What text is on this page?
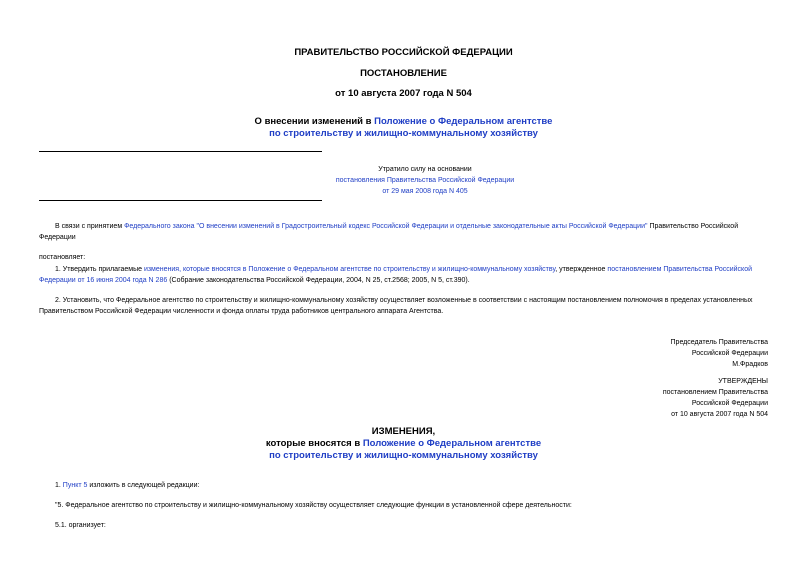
ПРАВИТЕЛЬСТВО РОССИЙСКОЙ ФЕДЕРАЦИИ
ПОСТАНОВЛЕНИЕ
от 10 августа 2007 года N 504
О внесении изменений в Положение о Федеральном агентстве
по строительству и жилищно-коммунальному хозяйству
Утратило силу на основании
постановления Правительства Российской Федерации
от 29 мая 2008 года N 405
В связи с принятием Федерального закона "О внесении изменений в Градостроительный кодекс Российской Федерации и отдельные законодательные акты Российской Федерации" Правительство Российской Федерации
постановляет:
1. Утвердить прилагаемые изменения, которые вносятся в Положение о Федеральном агентстве по строительству и жилищно-коммунальному хозяйству, утвержденное постановлением Правительства Российской Федерации от 16 июня 2004 года N 286 (Собрание законодательства Российской Федерации, 2004, N 25, ст.2568; 2005, N 5, ст.390).
2. Установить, что Федеральное агентство по строительству и жилищно-коммунальному хозяйству осуществляет возложенные в соответствии с настоящим постановлением полномочия в пределах установленных Правительством Российской Федерации численности и фонда оплаты труда работников центрального аппарата Агентства.
Председатель Правительства
Российской Федерации
М.Фрадков
УТВЕРЖДЕНЫ
постановлением Правительства
Российской Федерации
от 10 августа 2007 года N 504
ИЗМЕНЕНИЯ,
которые вносятся в Положение о Федеральном агентстве
по строительству и жилищно-коммунальному хозяйству
1. Пункт 5 изложить в следующей редакции:
"5. Федеральное агентство по строительству и жилищно-коммунальному хозяйству осуществляет следующие функции в установленной сфере деятельности:
5.1. организует:
